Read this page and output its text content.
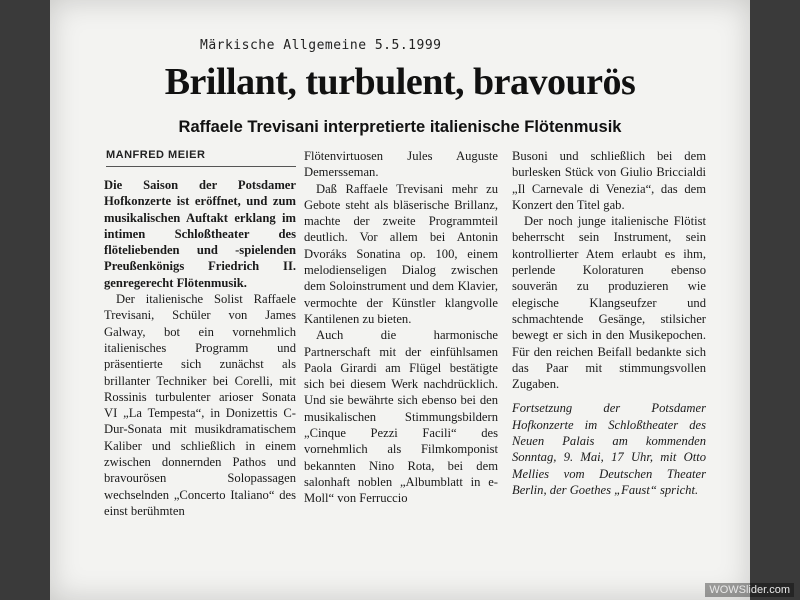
Märkische Allgemeine 5.5.1999
Brillant, turbulent, bravourös
Raffaele Trevisani interpretierte italienische Flötenmusik
MANFRED MEIER

Die Saison der Potsdamer Hofkonzerte ist eröffnet, und zum musikalischen Auftakt erklang im intimen Schloßtheater des flöteliebenden und -spielenden Preußenkönigs Friedrich II. genregerecht Flötenmusik.

Der italienische Solist Raffaele Trevisani, Schüler von James Galway, bot ein vornehmlich italienisches Programm und präsentierte sich zunächst als brillanter Techniker bei Corelli, mit Rossinis turbulenter arioser Sonata VI „La Tempesta“, in Donizettis C-Dur-Sonata mit musikdramatischem Kaliber und schließlich in einem zwischen donnernden Pathos und bravourösen Solopassagen wechselnden „Concerto Italiano“ des einst berühmten

Flötenvirtuosen Jules Auguste Demersseman.

Daß Raffaele Trevisani mehr zu Gebote steht als bläserische Brillanz, machte der zweite Programmteil deutlich. Vor allem bei Antonin Dvoráks Sonatina op. 100, einem melodienseligen Dialog zwischen dem Soloinstrument und dem Klavier, vermochte der Künstler klangvolle Kantilenen zu bieten.

Auch die harmonische Partnerschaft mit der einfühlsamen Paola Girardi am Flügel bestätigte sich bei diesem Werk nachdrücklich. Und sie bewährte sich ebenso bei den musikalischen Stimmungsbildern „Cinque Pezzi Facili“ des vornehmlich als Filmkomponist bekannten Nino Rota, bei dem salonhaft noblen „Albumblatt in e-Moll“ von Ferruccio

Busoni und schließlich bei dem burlesken Stück von Giulio Briccialdi „Il Carnevale di Venezia“, das dem Konzert den Titel gab.

Der noch junge italienische Flötist beherrscht sein Instrument, sein kontrollierter Atem erlaubt es ihm, perlende Koloraturen ebenso souverän zu produzieren wie elegische Klangseufzer und schmachtende Gesänge, stilsicher bewegt er sich in den Musikepochen. Für den reichen Beifall bedankte sich das Paar mit stimmungsvollen Zugaben.

Fortsetzung der Potsdamer Hofkonzerte im Schloßtheater des Neuen Palais am kommenden Sonntag, 9. Mai, 17 Uhr, mit Otto Mellies vom Deutschen Theater Berlin, der Goethes „Faust“ spricht.

WOWSlider.com
